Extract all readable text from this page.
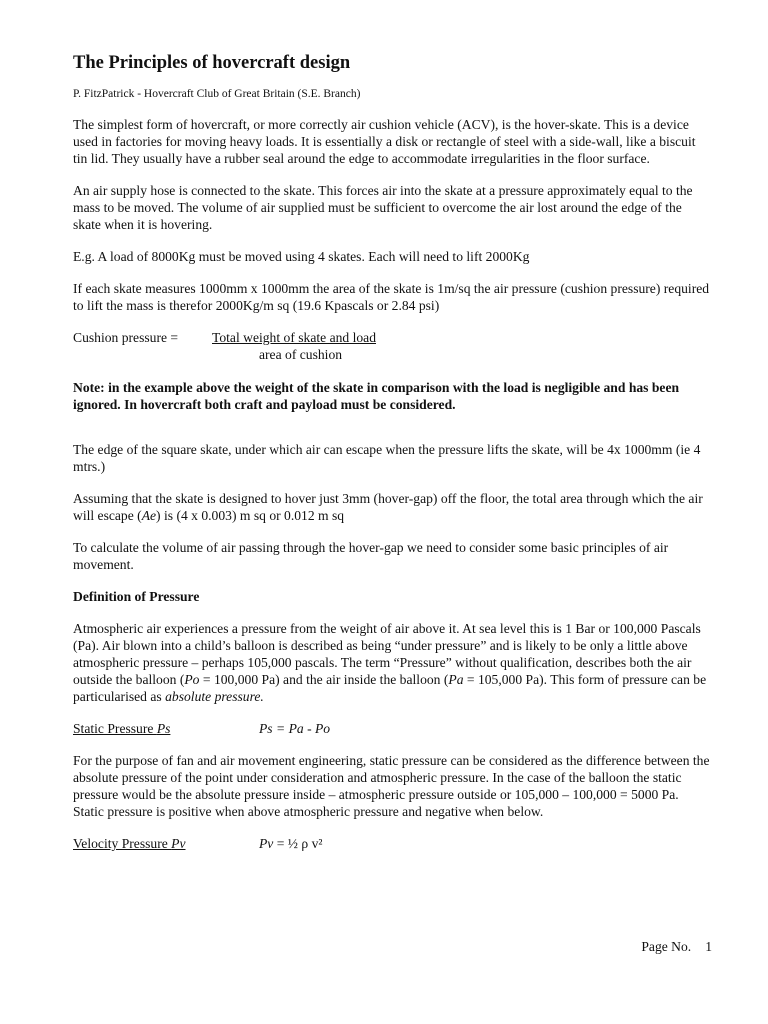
The Principles of hovercraft design
P. FitzPatrick - Hovercraft Club of Great Britain (S.E. Branch)

The simplest form of hovercraft, or more correctly air cushion vehicle (ACV), is the hover-skate. This is a device used in factories for moving heavy loads. It is essentially a disk or rectangle of steel with a side-wall, like a biscuit tin lid. They usually have a rubber seal around the edge to accommodate irregularities in the floor surface.

An air supply hose is connected to the skate. This forces air into the skate at a pressure approximately equal to the mass to be moved. The volume of air supplied must be sufficient to overcome the air lost around the edge of the skate when it is hovering.

E.g. A load of 8000Kg must be moved using 4 skates. Each will need to lift 2000Kg

If each skate measures 1000mm x 1000mm the area of the skate is 1m/sq the air pressure (cushion pressure) required to lift the mass is therefor 2000Kg/m sq (19.6 Kpascals or 2.84 psi)

Cushion pressure = Total weight of skate and load
area of cushion

Note: in the example above the weight of the skate in comparison with the load is negligible and has been ignored. In hovercraft both craft and payload must be considered.

The edge of the square skate, under which air can escape when the pressure lifts the skate, will be 4x 1000mm (ie 4 mtrs.)

Assuming that the skate is designed to hover just 3mm (hover-gap) off the floor, the total area through which the air will escape (Ae) is (4 x 0.003) m sq or 0.012 m sq

To calculate the volume of air passing through the hover-gap we need to consider some basic principles of air movement.

Definition of Pressure

Atmospheric air experiences a pressure from the weight of air above it. At sea level this is 1 Bar or 100,000 Pascals (Pa). Air blown into a child’s balloon is described as being “under pressure” and is likely to be only a little above atmospheric pressure – perhaps 105,000 pascals. The term “Pressure” without qualification, describes both the air outside the balloon (Po = 100,000 Pa) and the air inside the balloon (Pa = 105,000 Pa). This form of pressure can be particularised as absolute pressure.

Static Pressure Ps	Ps = Pa - Po

For the purpose of fan and air movement engineering, static pressure can be considered as the difference between the absolute pressure of the point under consideration and atmospheric pressure. In the case of the balloon the static pressure would be the absolute pressure inside – atmospheric pressure outside or 105,000 – 100,000 = 5000 Pa. Static pressure is positive when above atmospheric pressure and negative when below.

Velocity Pressure Pv	Pv = ½ ρ v²
Page No. 1
